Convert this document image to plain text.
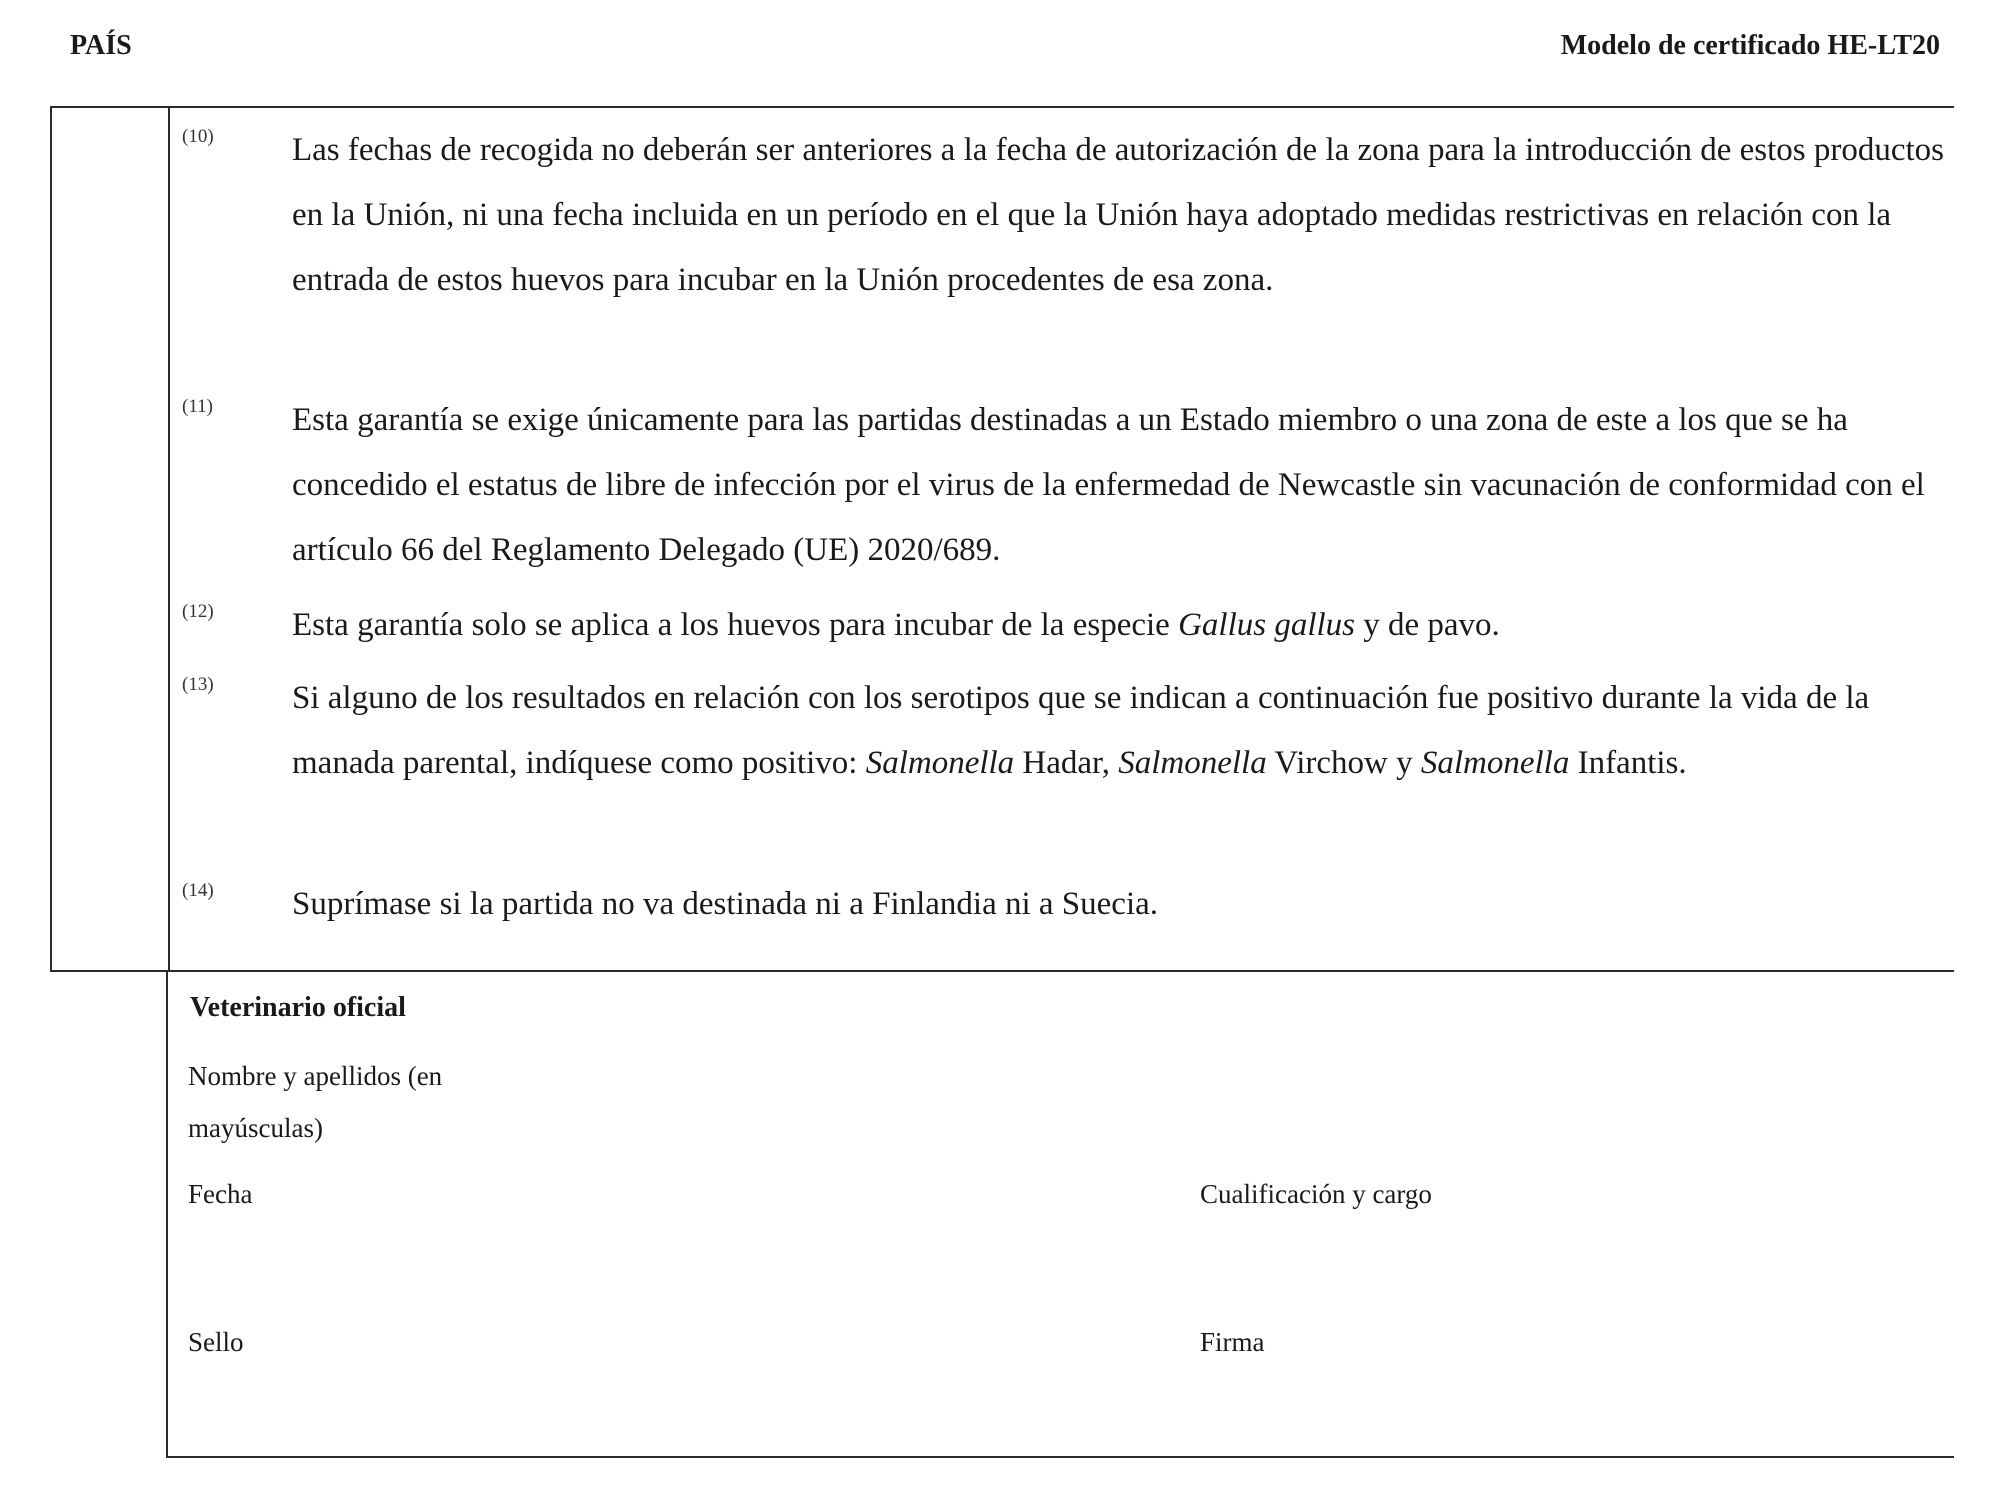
PAÍS	Modelo de certificado HE-LT20
(10) Las fechas de recogida no deberán ser anteriores a la fecha de autorización de la zona para la introducción de estos productos en la Unión, ni una fecha incluida en un período en el que la Unión haya adoptado medidas restrictivas en relación con la entrada de estos huevos para incubar en la Unión procedentes de esa zona.
(11) Esta garantía se exige únicamente para las partidas destinadas a un Estado miembro o una zona de este a los que se ha concedido el estatus de libre de infección por el virus de la enfermedad de Newcastle sin vacunación de conformidad con el artículo 66 del Reglamento Delegado (UE) 2020/689.
(12) Esta garantía solo se aplica a los huevos para incubar de la especie Gallus gallus y de pavo.
(13) Si alguno de los resultados en relación con los serotipos que se indican a continuación fue positivo durante la vida de la manada parental, indíquese como positivo: Salmonella Hadar, Salmonella Virchow y Salmonella Infantis.
(14) Suprímase si la partida no va destinada ni a Finlandia ni a Suecia.
Veterinario oficial
Nombre y apellidos (en mayúsculas)
Fecha	Cualificación y cargo
Sello	Firma
